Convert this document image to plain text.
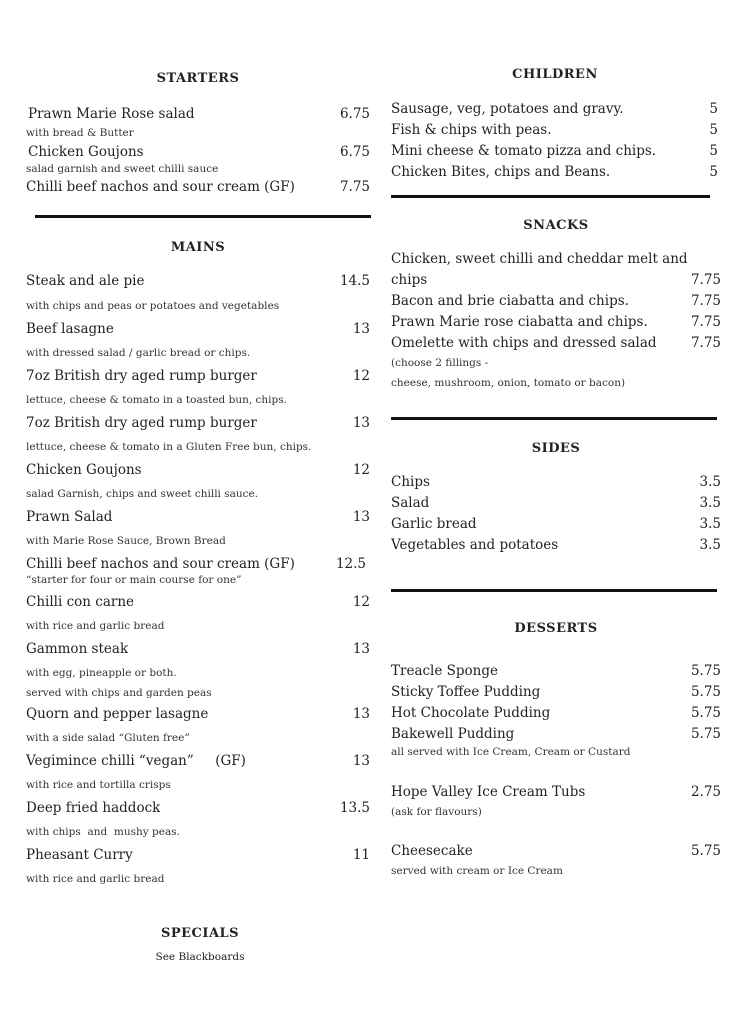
STARTERS
Prawn Marie Rose salad	6.75
with bread & Butter
Chicken Goujons	6.75
salad garnish and sweet chilli sauce
Chilli beef nachos and sour cream (GF)	7.75
MAINS
Steak and ale pie	14.5
with chips and peas or potatoes and vegetables
Beef lasagne	13
with dressed salad / garlic bread or chips.
7oz British dry aged rump burger	12
lettuce, cheese & tomato in a toasted bun, chips.
7oz British dry aged rump burger	13
lettuce, cheese & tomato in a Gluten Free bun, chips.
Chicken Goujons	12
salad Garnish, chips and sweet chilli sauce.
Prawn Salad	13
with Marie Rose Sauce, Brown Bread
Chilli beef nachos and sour cream (GF)	12.5
“starter for four or main course for one”
Chilli con carne	12
with rice and garlic bread
Gammon steak	13
with egg, pineapple or both.
served with chips and garden peas
Quorn and pepper lasagne	13
with a side salad “Gluten free”
Vegimince chilli “vegan”     (GF)	13
with rice and tortilla crisps
Deep fried haddock	13.5
with chips  and  mushy peas.
Pheasant Curry	11
with rice and garlic bread
SPECIALS
See Blackboards
CHILDREN
Sausage, veg, potatoes and gravy.	5
Fish & chips with peas.	5
Mini cheese & tomato pizza and chips.	5
Chicken Bites, chips and Beans.	5
SNACKS
Chicken, sweet chilli and cheddar melt and
chips	7.75
Bacon and brie ciabatta and chips.	7.75
Prawn Marie rose ciabatta and chips.	7.75
Omelette with chips and dressed salad	7.75
(choose 2 fillings -
cheese, mushroom, onion, tomato or bacon)
SIDES
Chips	3.5
Salad	3.5
Garlic bread	3.5
Vegetables and potatoes	3.5
DESSERTS
Treacle Sponge	5.75
Sticky Toffee Pudding	5.75
Hot Chocolate Pudding	5.75
Bakewell Pudding	5.75
all served with Ice Cream, Cream or Custard
Hope Valley Ice Cream Tubs	2.75
(ask for flavours)
Cheesecake	5.75
served with cream or Ice Cream
